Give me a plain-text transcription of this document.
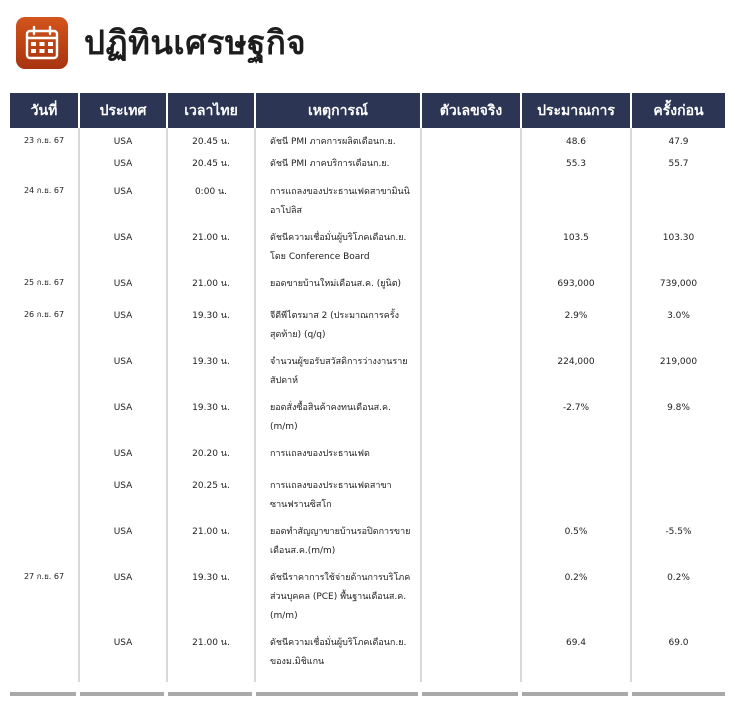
ปฏิทินเศรษฐกิจ
วันที่	ประเทศ	เวลาไทย	เหตุการณ์	ตัวเลขจริง	ประมาณการ	ครั้งก่อน
23 ก.ย. 67	USA	20.45 น.	ดัชนี PMI ภาคการผลิตเดือนก.ย.		48.6	47.9
	USA	20.45 น.	ดัชนี PMI ภาคบริการเดือนก.ย.		55.3	55.7
24 ก.ย. 67	USA	0:00 น.	การแถลงของประธานเฟดสาขามินนิอาโปลิส			
	USA	21.00 น.	ดัชนีความเชื่อมั่นผู้บริโภคเดือนก.ย. โดย Conference Board		103.5	103.30
25 ก.ย. 67	USA	21.00 น.	ยอดขายบ้านใหม่เดือนส.ค. (ยูนิต)		693,000	739,000
26 ก.ย. 67	USA	19.30 น.	จีดีพีไตรมาส 2 (ประมาณการครั้งสุดท้าย) (q/q)		2.9%	3.0%
	USA	19.30 น.	จำนวนผู้ขอรับสวัสดิการว่างงานรายสัปดาห์		224,000	219,000
	USA	19.30 น.	ยอดสั่งซื้อสินค้าคงทนเดือนส.ค.(m/m)		-2.7%	9.8%
	USA	20.20 น.	การแถลงของประธานเฟด			
	USA	20.25 น.	การแถลงของประธานเฟดสาขาซานฟรานซิสโก			
	USA	21.00 น.	ยอดทำสัญญาขายบ้านรอปิดการขายเดือนส.ค.(m/m)		0.5%	-5.5%
27 ก.ย. 67	USA	19.30 น.	ดัชนีราคาการใช้จ่ายด้านการบริโภคส่วนบุคคล (PCE) พื้นฐานเดือนส.ค. (m/m)		0.2%	0.2%
	USA	21.00 น.	ดัชนีความเชื่อมั่นผู้บริโภคเดือนก.ย. ของม.มิชิแกน		69.4	69.0
